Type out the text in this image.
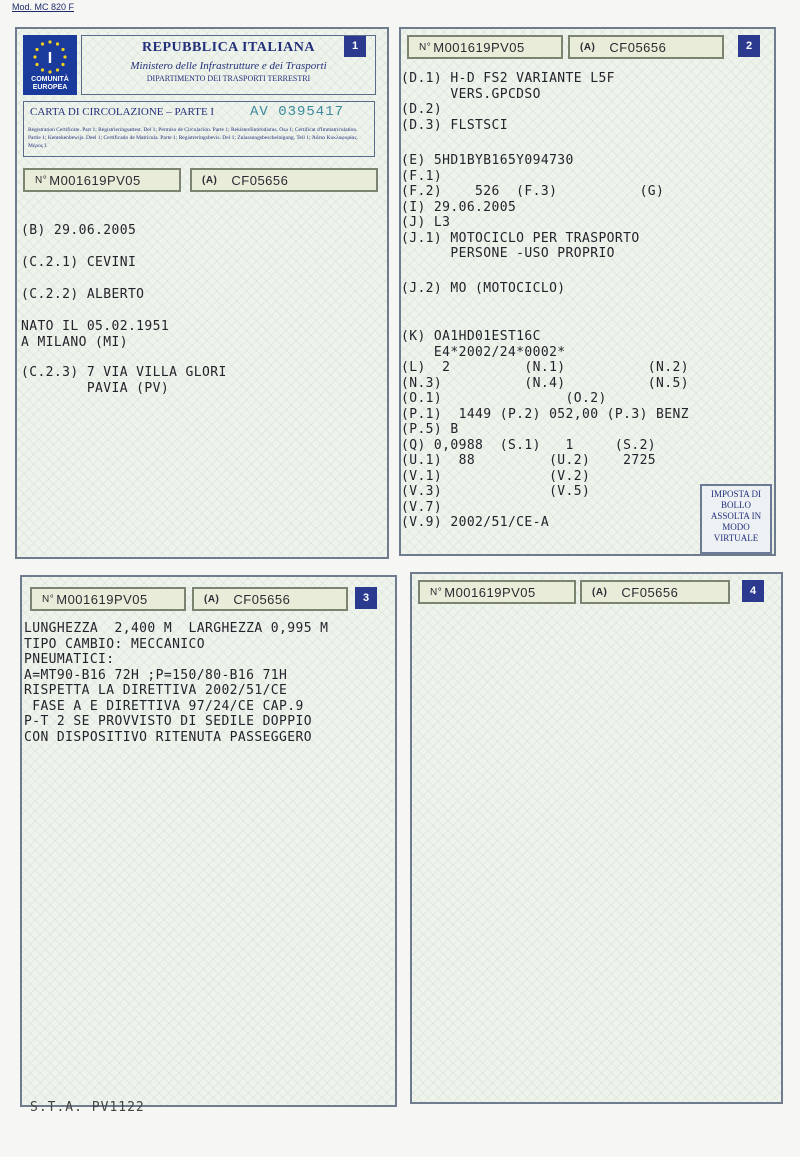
Mod. MC 820 F
1
I
COMUNITÀ EUROPEA
REPUBBLICA ITALIANA
Ministero delle Infrastrutture e dei Trasporti
DIPARTIMENTO DEI TRASPORTI TERRESTRI
CARTA DI CIRCOLAZIONE – PARTE I	AV 0395417
Registration Certificate. Part 1; Registrieringsattest. Del 1; Permiso de Circulación. Parte 1; Rekisteröintitodistus. Osa 1; Certificat d'Immatriculation. Partie 1; Kentekenbewijs. Deel 1; Certificado de Matrícula. Parte 1; Registreringsbevis. Del 1; Zulassungsbescheinigung. Teil 1; Άδεια Κυκλοφορίας. Μέρος I.
N° M001619PV05	(A) CF05656
(B) 29.06.2005
(C.2.1) CEVINI
(C.2.2) ALBERTO
NATO IL 05.02.1951
A MILANO (MI)
(C.2.3) 7 VIA VILLA GLORI
PAVIA (PV)
2
N° M001619PV05	(A) CF05656
(D.1) H-D FS2 VARIANTE L5F
VERS.GPCDSO
(D.2)
(D.3) FLSTSCI
(E) 5HD1BYB165Y094730
(F.1)
(F.2)    526  (F.3)          (G)
(I) 29.06.2005
(J) L3
(J.1) MOTOCICLO PER TRASPORTO
PERSONE -USO PROPRIO
(J.2) MO (MOTOCICLO)
(K) OA1HD01EST16C
E4*2002/24*0002*
(L)  2         (N.1)          (N.2)
(N.3)          (N.4)          (N.5)
(O.1)               (O.2)
(P.1)  1449 (P.2) 052,00 (P.3) BENZ
(P.5) B
(Q) 0,0988  (S.1)   1     (S.2)
(U.1)  88         (U.2)    2725
(V.1)             (V.2)
(V.3)             (V.5)
(V.7)
(V.9) 2002/51/CE-A
IMPOSTA DI BOLLO ASSOLTA IN MODO VIRTUALE
3
N° M001619PV05	(A) CF05656
LUNGHEZZA  2,400 M  LARGHEZZA 0,995 M
TIPO CAMBIO: MECCANICO
PNEUMATICI:
A=MT90-B16 72H ;P=150/80-B16 71H
RISPETTA LA DIRETTIVA 2002/51/CE
FASE A E DIRETTIVA 97/24/CE CAP.9
P-T 2 SE PROVVISTO DI SEDILE DOPPIO
CON DISPOSITIVO RITENUTA PASSEGGERO
4
N° M001619PV05	(A) CF05656
S.T.A. PV1122
